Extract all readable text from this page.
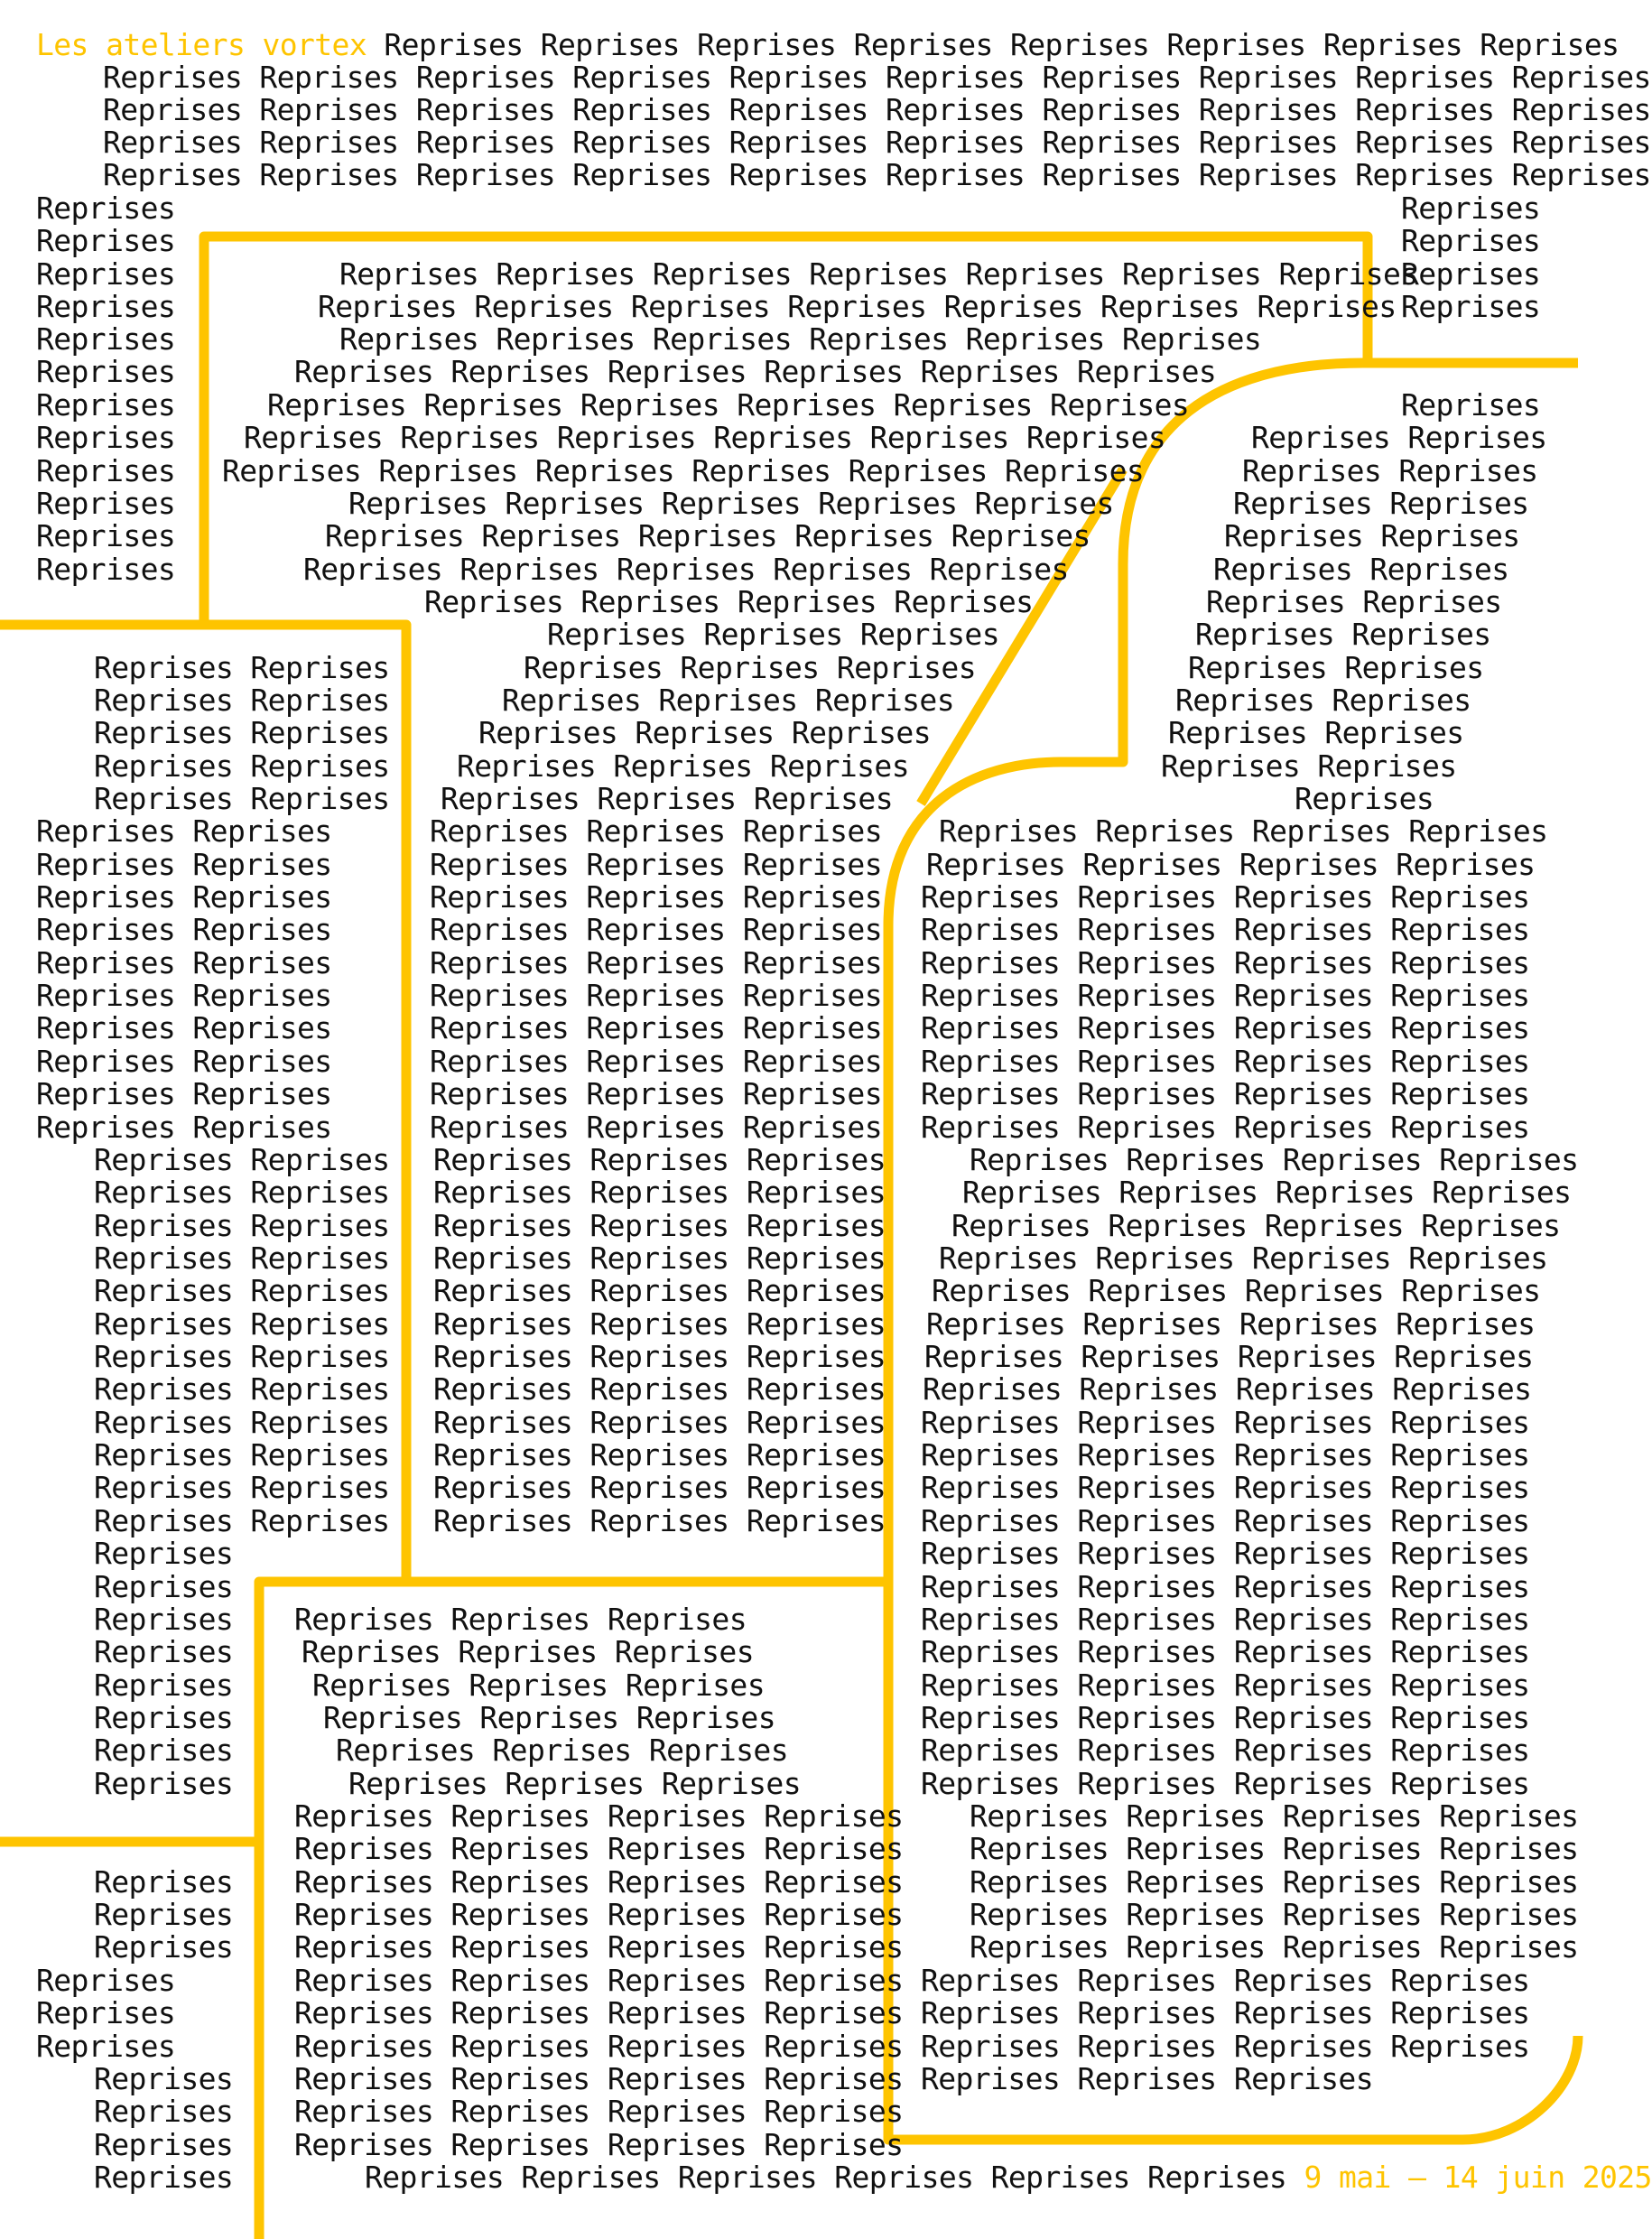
Les ateliers vortex Reprises Reprises Reprises Reprises Reprises Reprises Reprises Reprises
Reprises Reprises Reprises Reprises Reprises Reprises Reprises Reprises Reprises Reprises
Reprises Reprises Reprises Reprises Reprises Reprises Reprises Reprises Reprises Reprises
Reprises Reprises Reprises Reprises Reprises Reprises Reprises Reprises Reprises Reprises
Reprises Reprises Reprises Reprises Reprises Reprises Reprises Reprises Reprises Reprises
Reprises	Reprises
Reprises	Reprises
Reprises	Reprises Reprises Reprises Reprises Reprises Reprises Reprises
Reprises
Reprises	Reprises Reprises Reprises Reprises Reprises Reprises Reprises Reprises
Reprises	Reprises Reprises Reprises Reprises Reprises Reprises
Reprises	Reprises Reprises Reprises Reprises Reprises Reprises
Reprises	Reprises Reprises Reprises Reprises Reprises Reprises	Reprises
Reprises Reprises Reprises Reprises Reprises Reprises Reprises	Reprises Reprises
Reprises Reprises Reprises Reprises Reprises Reprises Reprises	Reprises Reprises
Reprises	Reprises Reprises Reprises Reprises Reprises	Reprises Reprises
Reprises	Reprises Reprises Reprises Reprises Reprises	Reprises Reprises
Reprises	Reprises Reprises Reprises Reprises Reprises	Reprises Reprises
Reprises Reprises Reprises Reprises	Reprises Reprises
Reprises Reprises Reprises	Reprises Reprises
Reprises Reprises	Reprises Reprises Reprises	Reprises Reprises
Reprises Reprises	Reprises Reprises Reprises	Reprises Reprises
Reprises Reprises	Reprises Reprises Reprises	Reprises Reprises
Reprises Reprises Reprises Reprises Reprises	Reprises Reprises
Reprises Reprises Reprises Reprises Reprises	Reprises
Reprises Reprises	Reprises Reprises Reprises Reprises Reprises Reprises Reprises
Reprises Reprises	Reprises Reprises Reprises Reprises Reprises Reprises Reprises
Reprises Reprises	Reprises Reprises Reprises Reprises Reprises Reprises Reprises
Reprises Reprises	Reprises Reprises Reprises Reprises Reprises Reprises Reprises
Reprises Reprises	Reprises Reprises Reprises Reprises Reprises Reprises Reprises
Reprises Reprises	Reprises Reprises Reprises Reprises Reprises Reprises Reprises
Reprises Reprises	Reprises Reprises Reprises Reprises Reprises Reprises Reprises
Reprises Reprises	Reprises Reprises Reprises Reprises Reprises Reprises Reprises
Reprises Reprises	Reprises Reprises Reprises Reprises Reprises Reprises Reprises
Reprises Reprises	Reprises Reprises Reprises Reprises Reprises Reprises Reprises
Reprises Reprises Reprises Reprises Reprises	Reprises Reprises Reprises Reprises
Reprises Reprises Reprises Reprises Reprises	Reprises Reprises Reprises Reprises
Reprises Reprises Reprises Reprises Reprises Reprises Reprises Reprises Reprises
Reprises Reprises Reprises Reprises Reprises Reprises Reprises Reprises Reprises
Reprises Reprises Reprises Reprises Reprises Reprises Reprises Reprises Reprises
Reprises Reprises Reprises Reprises Reprises Reprises Reprises Reprises Reprises
Reprises Reprises Reprises Reprises Reprises Reprises Reprises Reprises Reprises
Reprises Reprises Reprises Reprises Reprises Reprises Reprises Reprises Reprises
Reprises Reprises Reprises Reprises Reprises Reprises Reprises Reprises Reprises
Reprises Reprises Reprises Reprises Reprises Reprises Reprises Reprises Reprises
Reprises Reprises Reprises Reprises Reprises Reprises Reprises Reprises Reprises
Reprises Reprises Reprises Reprises Reprises Reprises Reprises Reprises Reprises
Reprises	Reprises Reprises Reprises Reprises
Reprises	Reprises Reprises Reprises Reprises
Reprises Reprises Reprises Reprises	Reprises Reprises Reprises Reprises
Reprises Reprises Reprises Reprises	Reprises Reprises Reprises Reprises
Reprises	Reprises Reprises Reprises	Reprises Reprises Reprises Reprises
Reprises	Reprises Reprises Reprises	Reprises Reprises Reprises Reprises
Reprises	Reprises Reprises Reprises	Reprises Reprises Reprises Reprises
Reprises	Reprises Reprises Reprises	Reprises Reprises Reprises Reprises
Reprises Reprises Reprises Reprises Reprises Reprises Reprises Reprises
Reprises Reprises Reprises Reprises Reprises Reprises Reprises Reprises
Reprises Reprises Reprises Reprises Reprises Reprises Reprises Reprises Reprises
Reprises Reprises Reprises Reprises Reprises Reprises Reprises Reprises Reprises
Reprises Reprises Reprises Reprises Reprises Reprises Reprises Reprises Reprises
Reprises	Reprises Reprises Reprises Reprises Reprises Reprises Reprises Reprises
Reprises	Reprises Reprises Reprises Reprises Reprises Reprises Reprises Reprises
Reprises	Reprises Reprises Reprises Reprises Reprises Reprises Reprises Reprises
Reprises Reprises Reprises Reprises Reprises Reprises Reprises Reprises
Reprises Reprises Reprises Reprises Reprises
Reprises Reprises Reprises Reprises Reprises
Reprises	Reprises Reprises Reprises Reprises Reprises Reprises 9 mai — 14 juin 2025
